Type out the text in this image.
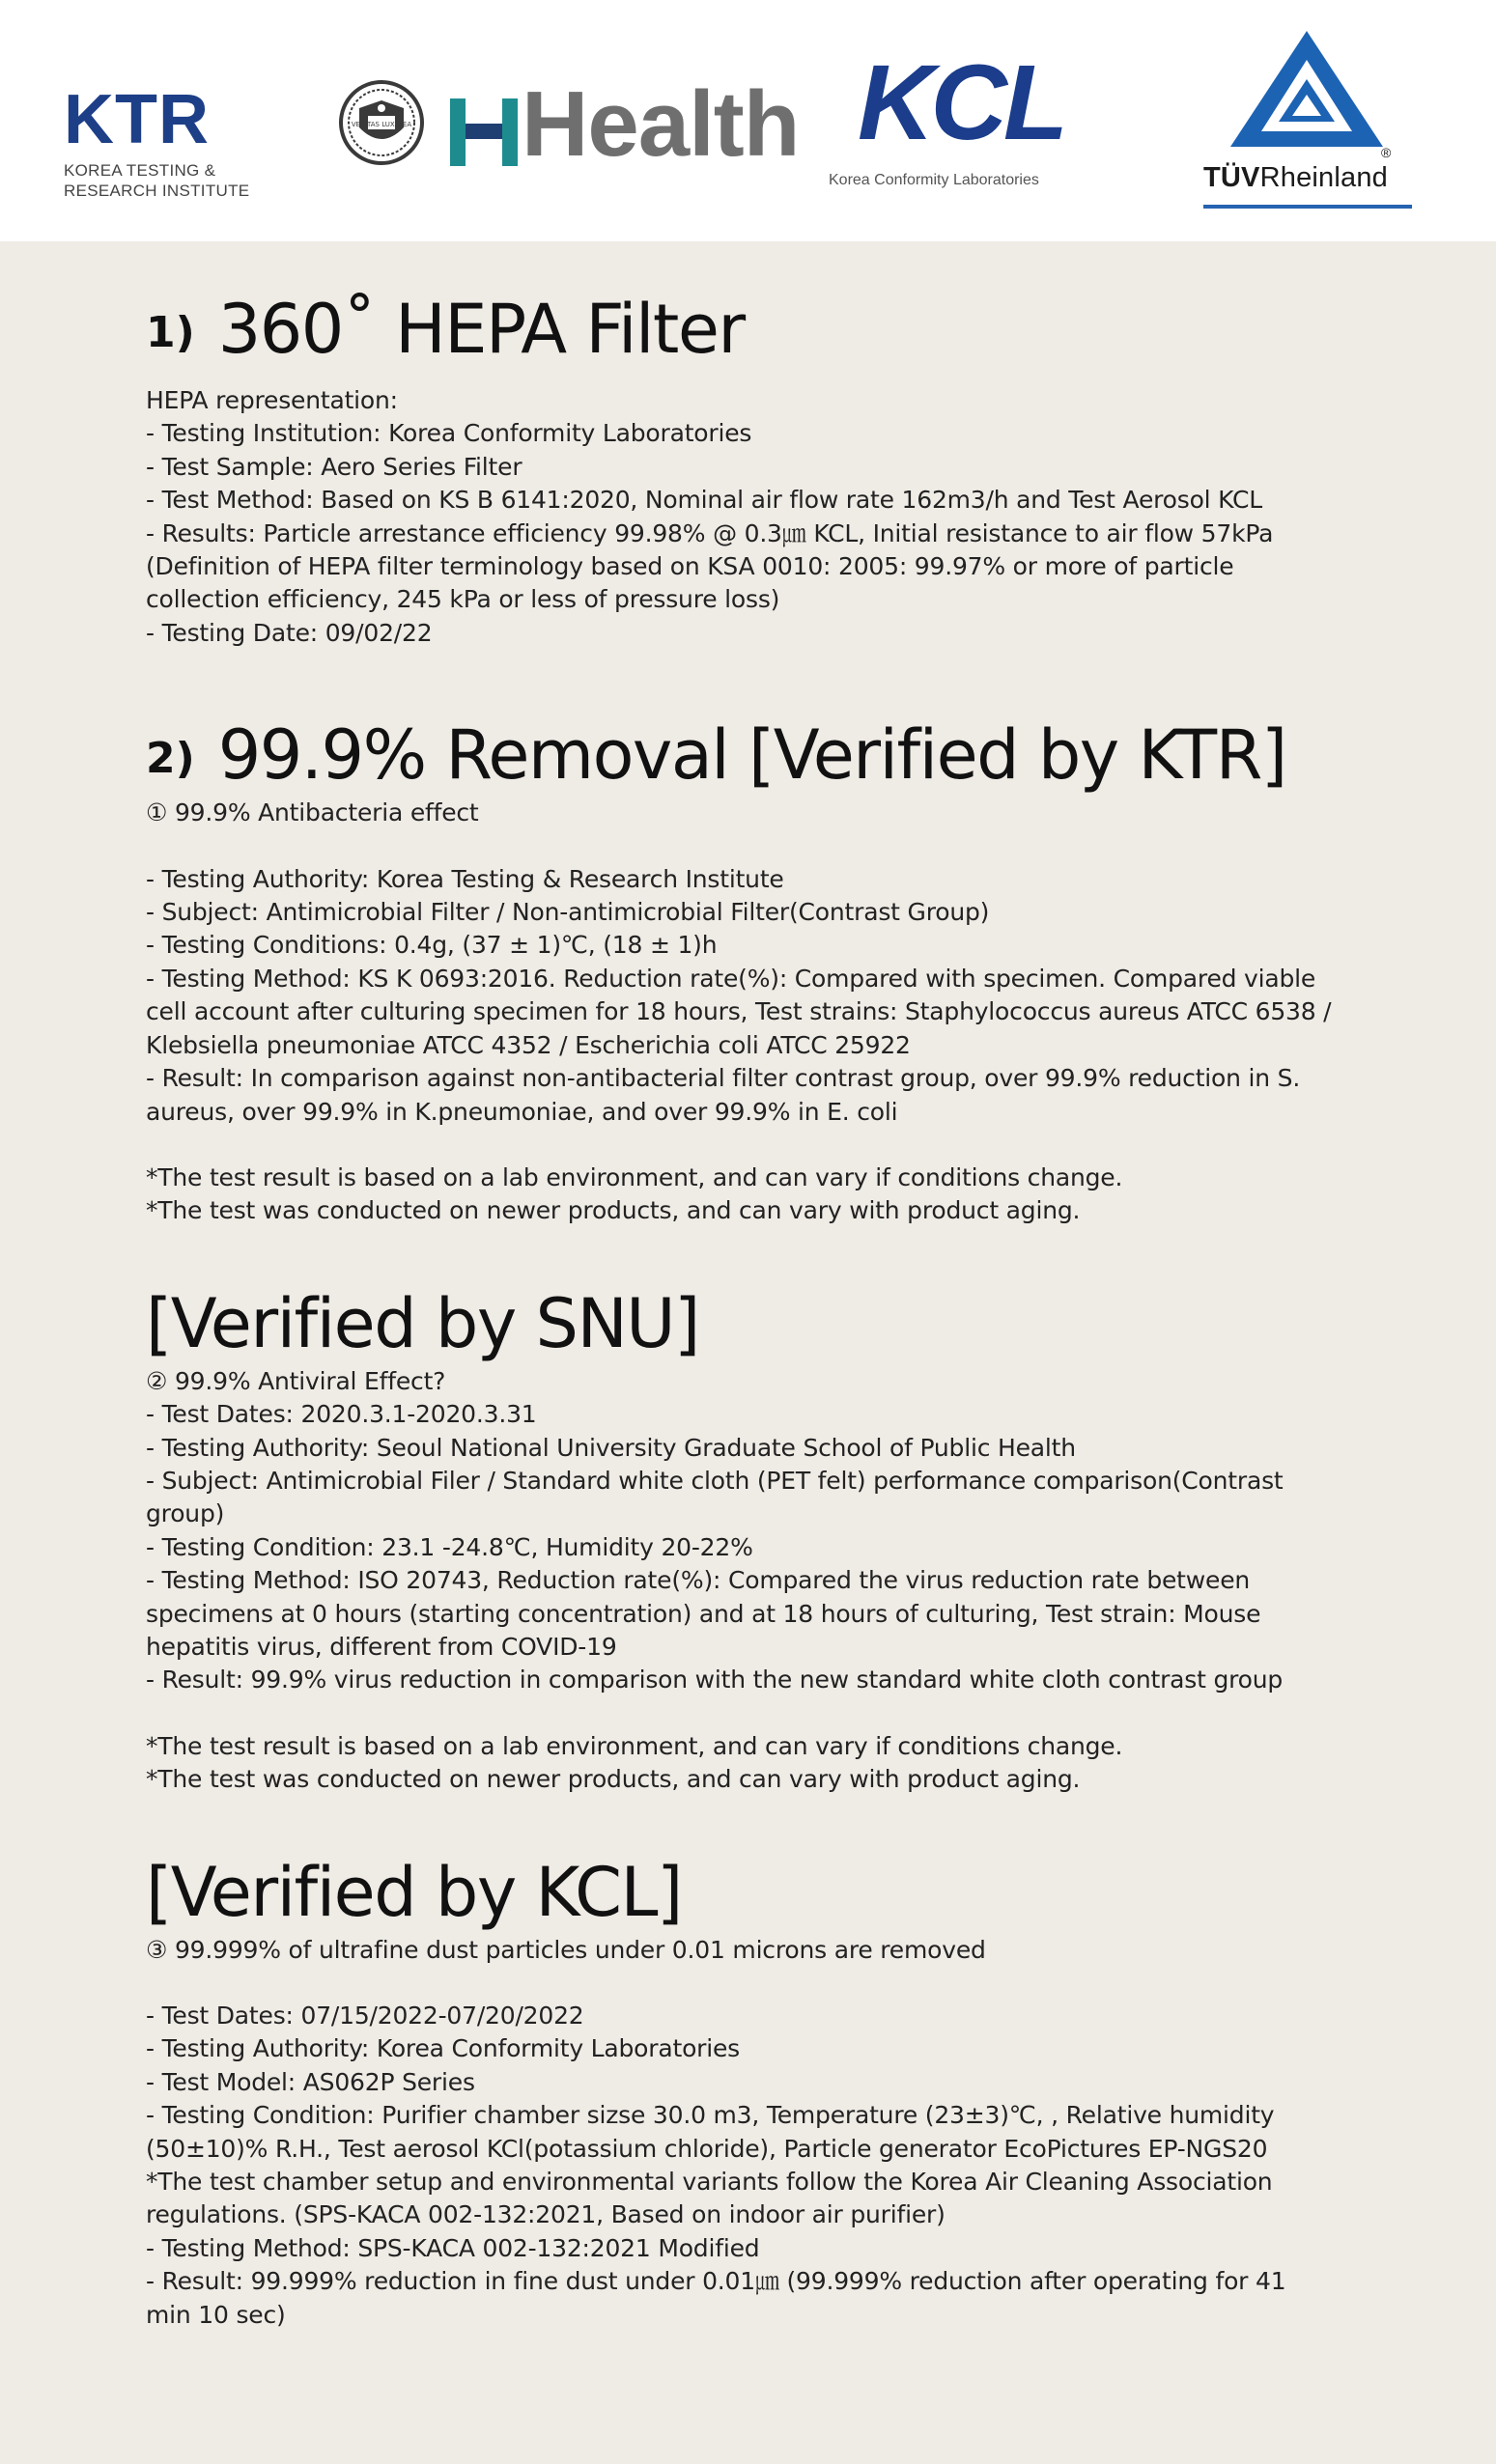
KTR
KOREA TESTING &
RESEARCH INSTITUTE
VERITAS LUX MEA Health KCL
Korea Conformity Laboratories	TÜVRheinland
®
$^{1)}$ 360˚ HEPA Filter

HEPA representation:

- Testing Institution: Korea Conformity Laboratories

- Test Sample: Aero Series Filter

- Test Method: Based on KS B 6141:2020, Nominal air flow rate 162m3/h and Test Aerosol KCL

- Results: Particle arrestance efficiency 99.98% @ 0.3㎛ KCL, Initial resistance to air flow 57kPa

(Definition of HEPA filter terminology based on KSA 0010: 2005: 99.97% or more of particle

collection efficiency, 245 kPa or less of pressure loss)

- Testing Date: 09/02/22

$^{2)}$ 99.9% Removal [Verified by KTR]

① 99.9% Antibacteria effect

- Testing Authority: Korea Testing & Research Institute

- Subject: Antimicrobial Filter / Non-antimicrobial Filter(Contrast Group)

- Testing Conditions: 0.4g, (37 ± 1)℃, (18 ± 1)h

- Testing Method: KS K 0693:2016. Reduction rate(%): Compared with specimen. Compared viable

cell account after culturing specimen for 18 hours, Test strains: Staphylococcus aureus ATCC 6538 /

Klebsiella pneumoniae ATCC 4352 / Escherichia coli ATCC 25922

- Result: In comparison against non-antibacterial filter contrast group, over 99.9% reduction in S.

aureus, over 99.9% in K.pneumoniae, and over 99.9% in E. coli

*The test result is based on a lab environment, and can vary if conditions change.

*The test was conducted on newer products, and can vary with product aging.

[Verified by SNU]

② 99.9% Antiviral Effect?

- Test Dates: 2020.3.1-2020.3.31

- Testing Authority: Seoul National University Graduate School of Public Health

- Subject: Antimicrobial Filer / Standard white cloth (PET felt) performance comparison(Contrast

group)

- Testing Condition: 23.1 -24.8℃, Humidity 20-22%

- Testing Method: ISO 20743, Reduction rate(%): Compared the virus reduction rate between

specimens at 0 hours (starting concentration) and at 18 hours of culturing, Test strain: Mouse

hepatitis virus, different from COVID-19

- Result: 99.9% virus reduction in comparison with the new standard white cloth contrast group

*The test result is based on a lab environment, and can vary if conditions change.

*The test was conducted on newer products, and can vary with product aging.

[Verified by KCL]

③ 99.999% of ultrafine dust particles under 0.01 microns are removed

- Test Dates: 07/15/2022-07/20/2022

- Testing Authority: Korea Conformity Laboratories

- Test Model: AS062P Series

- Testing Condition: Purifier chamber sizse 30.0 m3, Temperature (23±3)℃, , Relative humidity

(50±10)% R.H., Test aerosol KCl(potassium chloride), Particle generator EcoPictures EP-NGS20

*The test chamber setup and environmental variants follow the Korea Air Cleaning Association

regulations. (SPS-KACA 002-132:2021, Based on indoor air purifier)

- Testing Method: SPS-KACA 002-132:2021 Modified

- Result: 99.999% reduction in fine dust under 0.01㎛ (99.999% reduction after operating for 41

min 10 sec)
